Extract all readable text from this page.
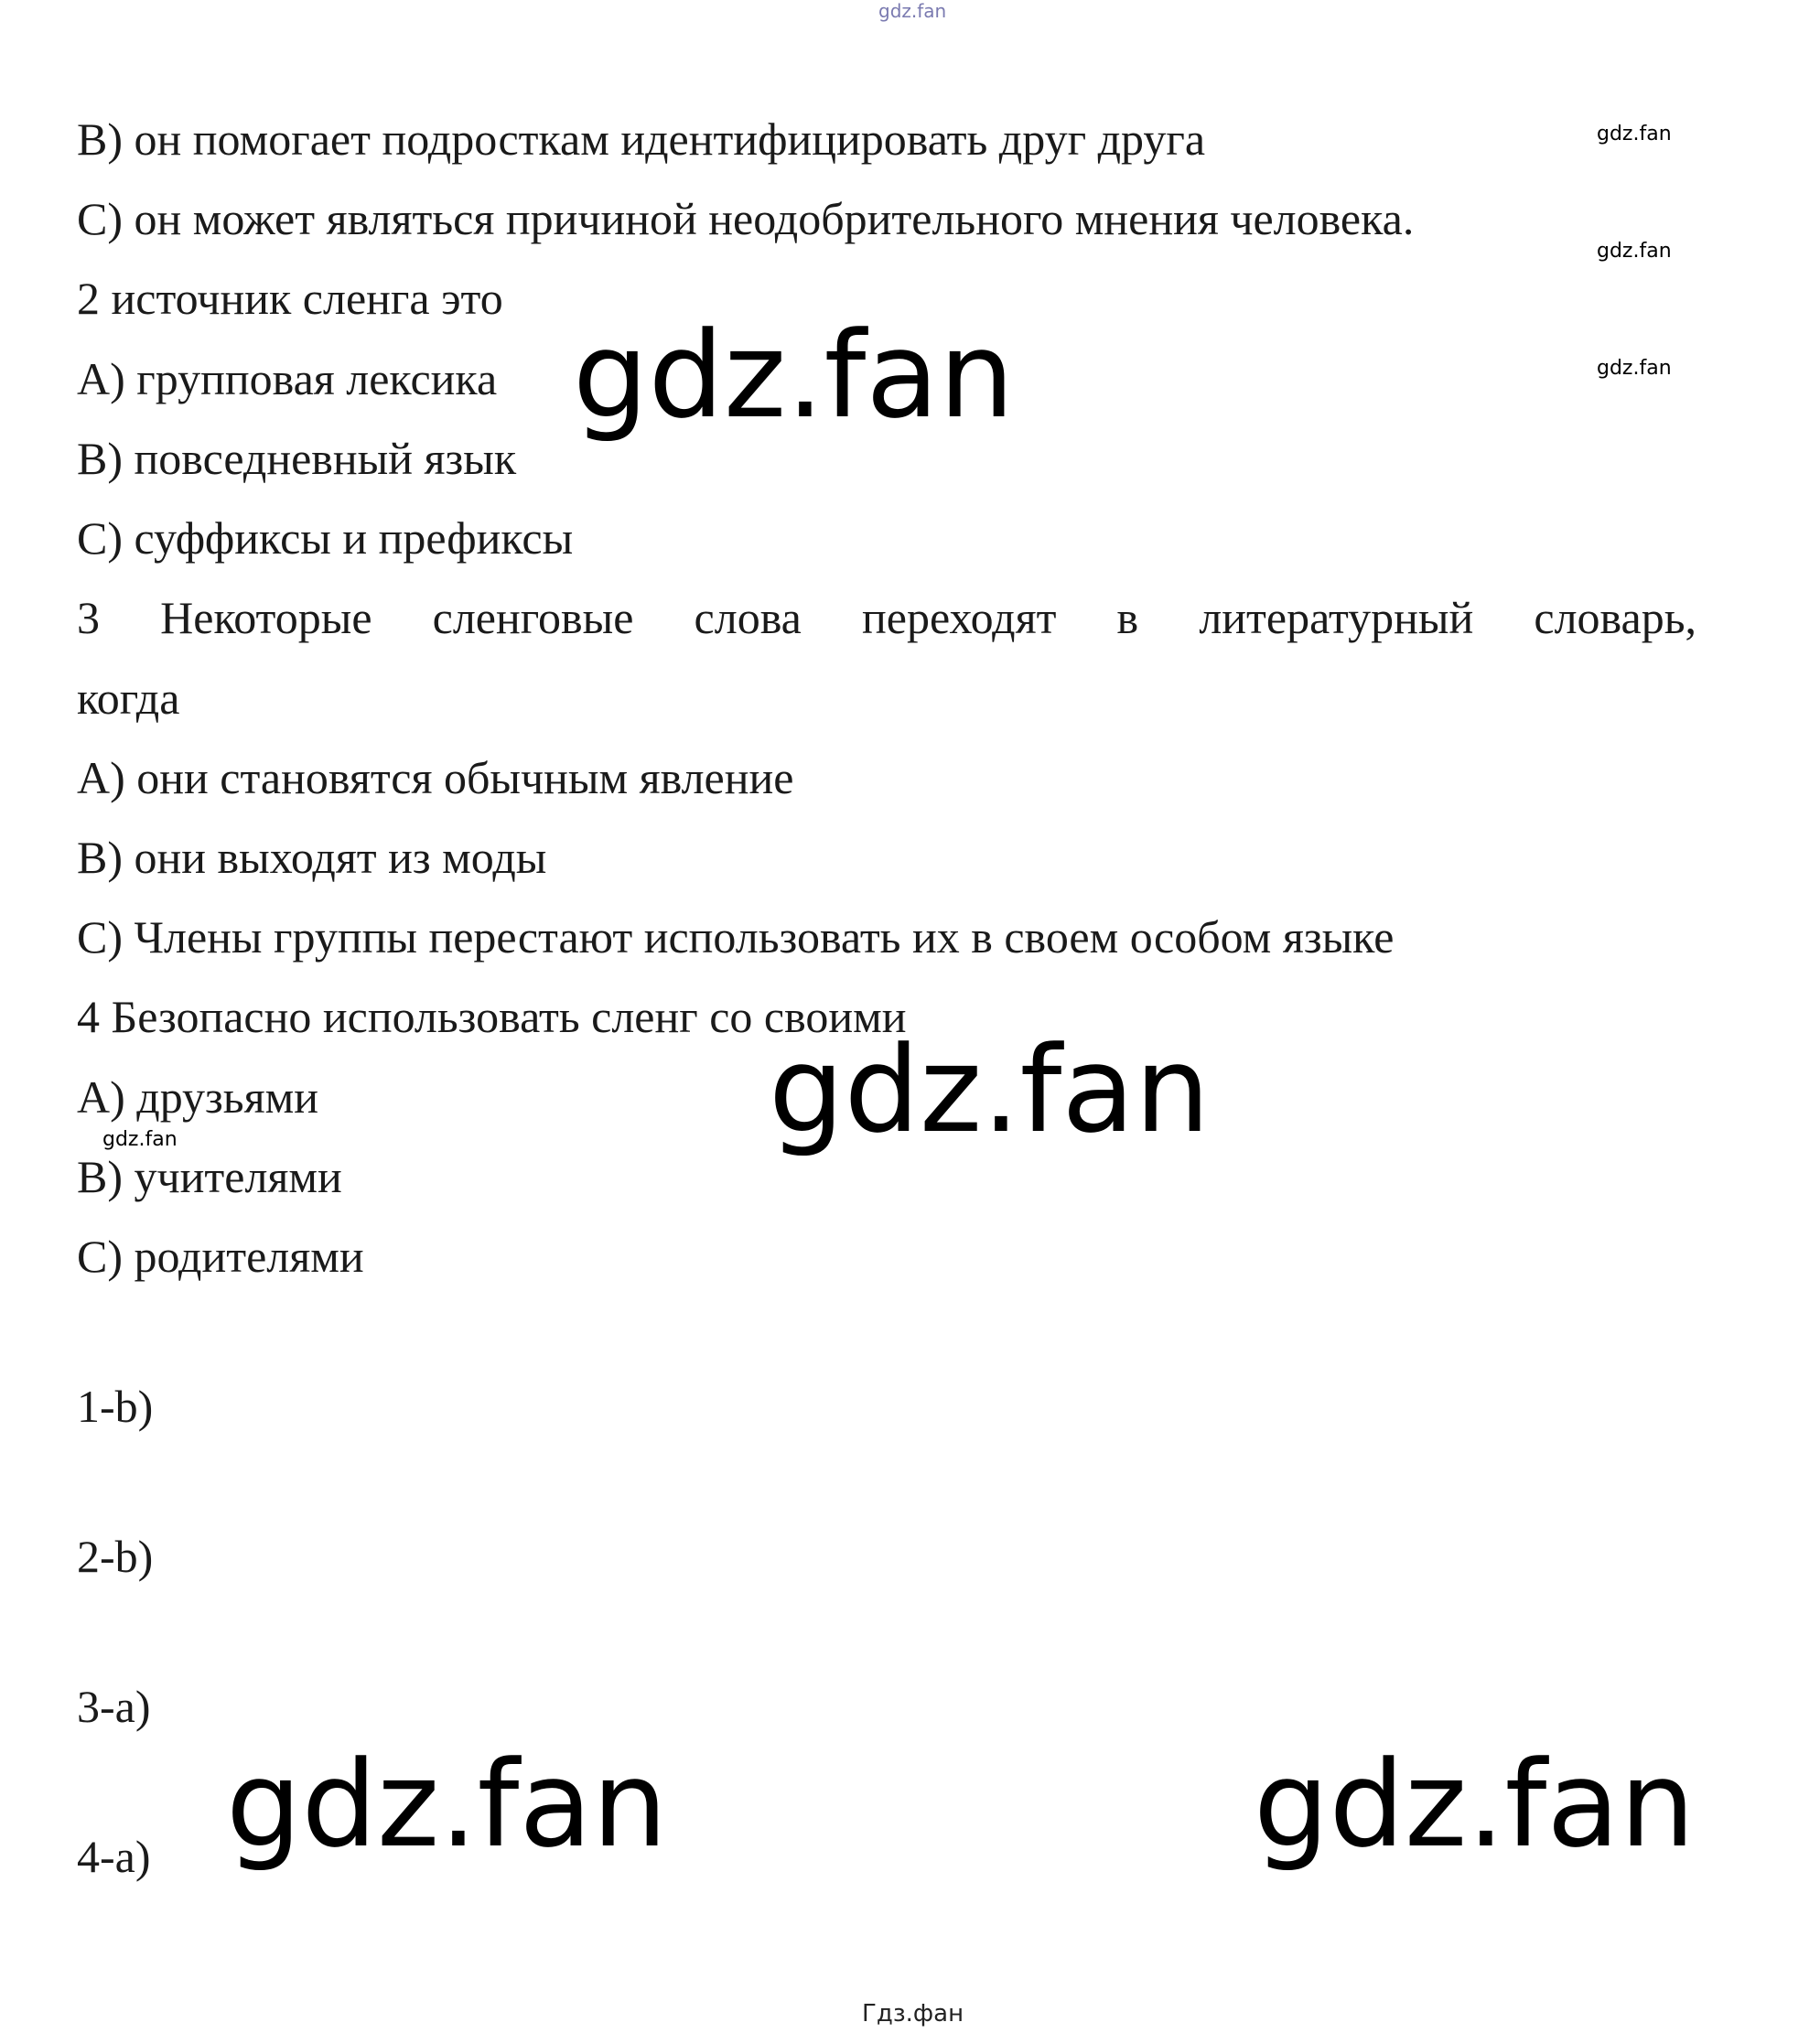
gdz.fan
B) он помогает подросткам идентифицировать друг друга
C) он может являться причиной неодобрительного мнения человека.
2 источник сленга это
A) групповая лексика
B) повседневный язык
C) суффиксы и префиксы
3 Некоторые сленговые слова переходят в литературный словарь,
когда
A) они становятся обычным явление
B) они выходят из моды
C) Члены группы перестают использовать их в своем особом языке
4 Безопасно использовать сленг со своими
A) друзьями
B) учителями
C) родителями
1-b)
2-b)
3-a)
4-a)
gdz.fan
gdz.fan
gdz.fan
gdz.fan
gdz.fan
gdz.fan
gdz.fan	gdz.fan
Гдз.фан
